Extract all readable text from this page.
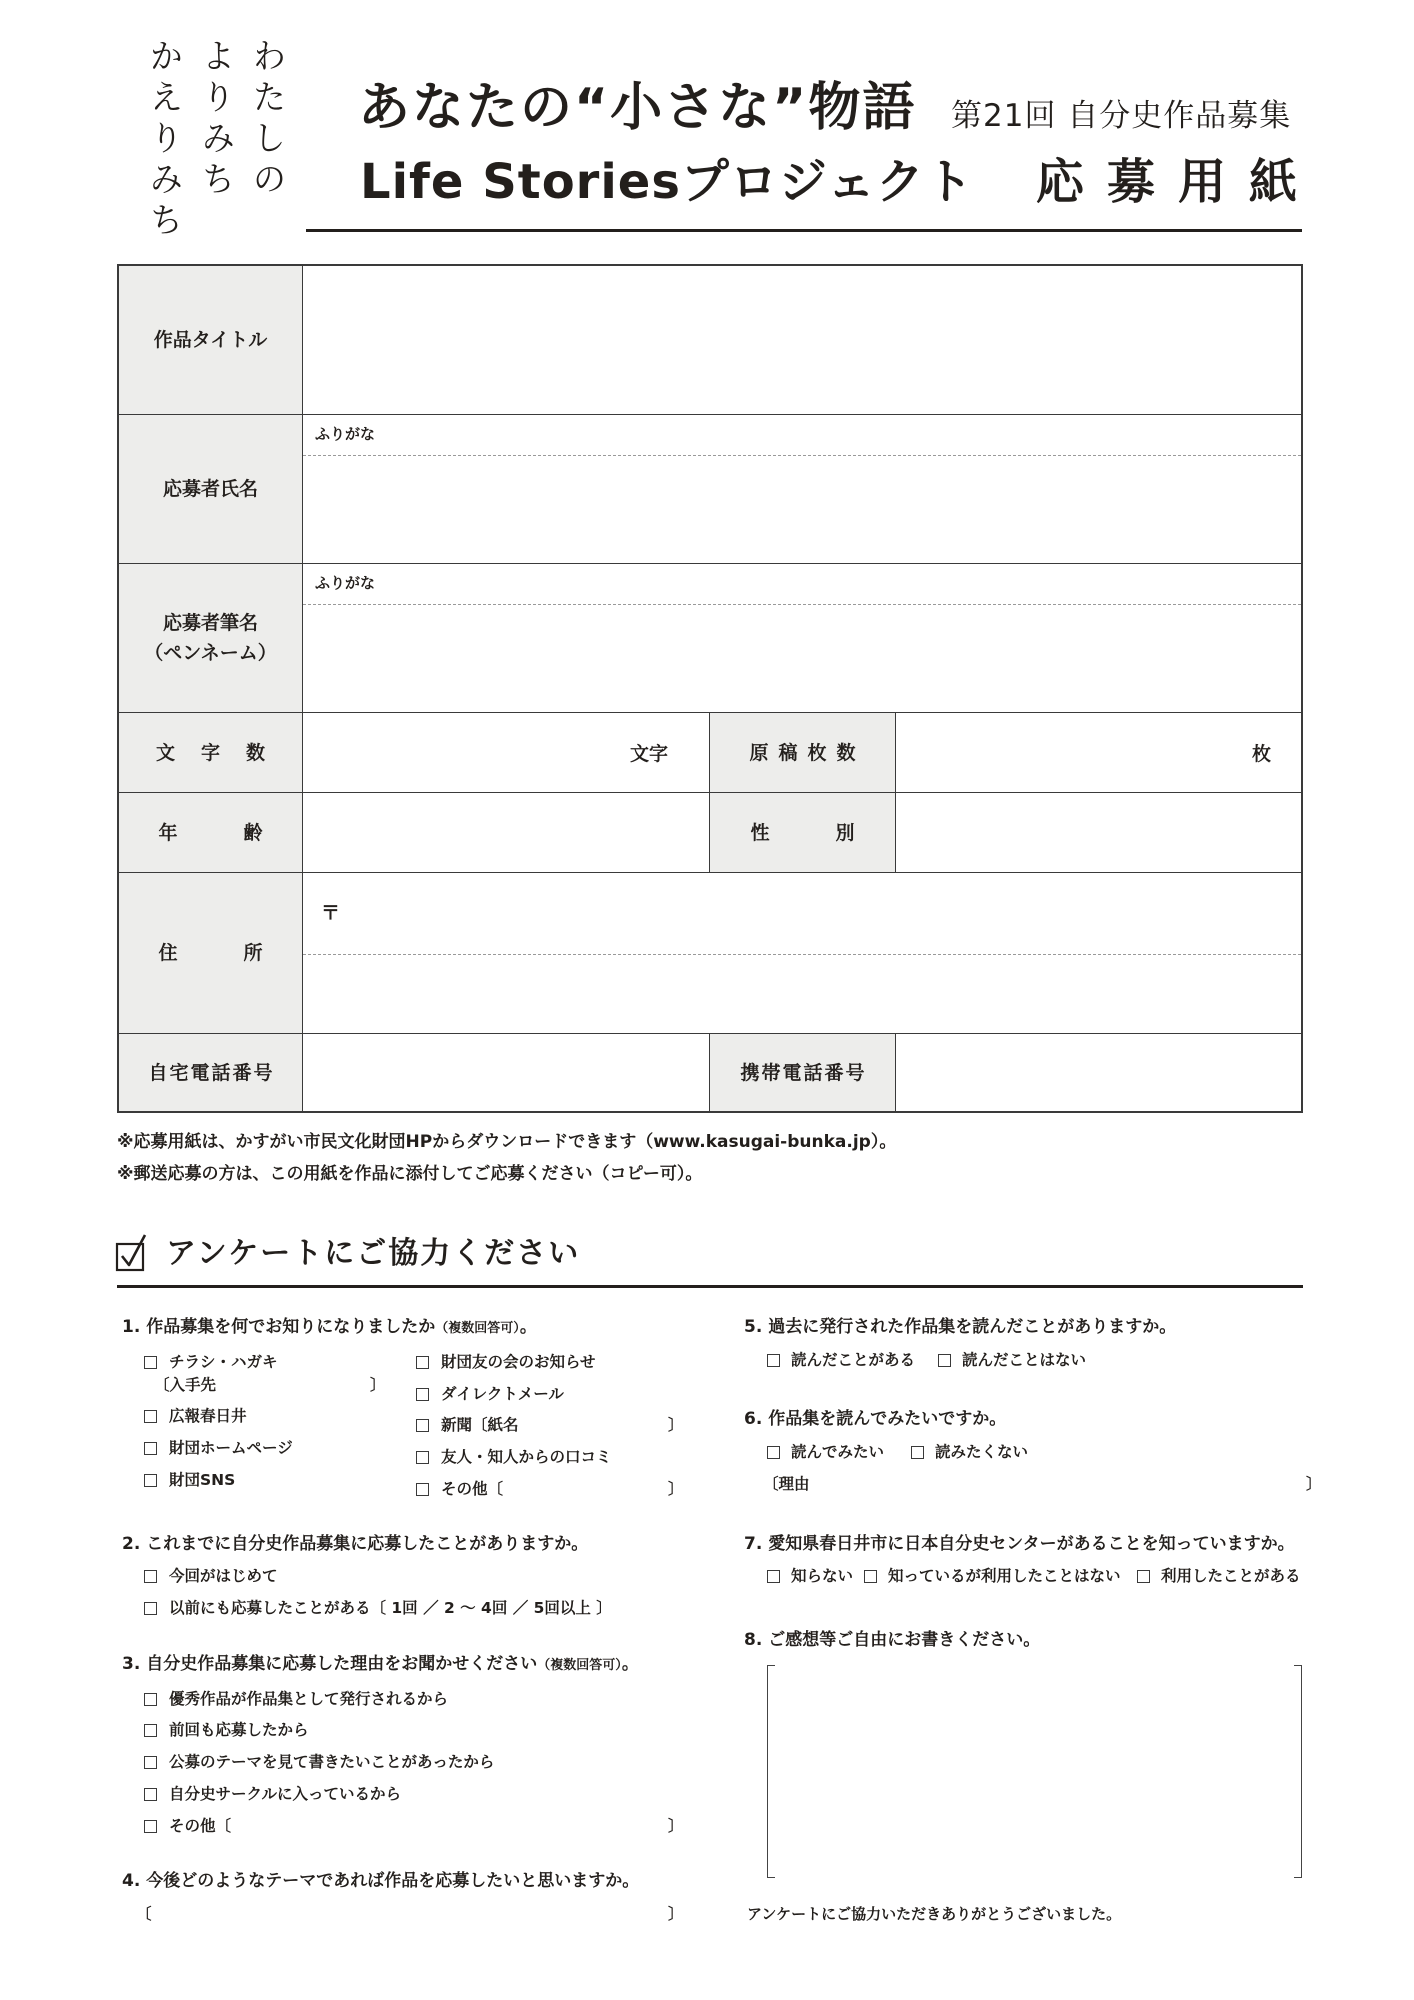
わたしの
よりみち
かえりみち	あなたの“小さな”物語 第21回 自分史作品募集
Life Storiesプロジェクト 応募用紙
作品タイトル
応募者氏名
ふりがな
応募者筆名
（ペンネーム）
ふりがな
文字数	文字	原稿枚数	枚
年齢	性別
住所
〒
自宅電話番号	携帯電話番号
※応募用紙は、かすがい市民文化財団HPからダウンロードできます（www.kasugai-bunka.jp）。
※郵送応募の方は、この用紙を作品に添付してご応募ください（コピー可）。
アンケートにご協力ください
1. 作品募集を何でお知りになりましたか（複数回答可）。
チラシ・ハガキ
〔入手先	〕
広報春日井
財団ホームページ
財団SNS
財団友の会のお知らせ
ダイレクトメール
新聞〔紙名	〕
友人・知人からの口コミ
その他〔	〕
2. これまでに自分史作品募集に応募したことがありますか。
今回がはじめて
以前にも応募したことがある〔 1回 ／ 2 ～ 4回 ／ 5回以上 〕
3. 自分史作品募集に応募した理由をお聞かせください（複数回答可）。
優秀作品が作品集として発行されるから
前回も応募したから
公募のテーマを見て書きたいことがあったから
自分史サークルに入っているから
その他〔	〕
4. 今後どのようなテーマであれば作品を応募したいと思いますか。
〔	〕
5. 過去に発行された作品集を読んだことがありますか。
読んだことがある	読んだことはない
6. 作品集を読んでみたいですか。
読んでみたい	読みたくない
〔理由	〕
7. 愛知県春日井市に日本自分史センターがあることを知っていますか。
知らない 知っているが利用したことはない	利用したことがある
8. ご感想等ご自由にお書きください。
アンケートにご協力いただきありがとうございました。
